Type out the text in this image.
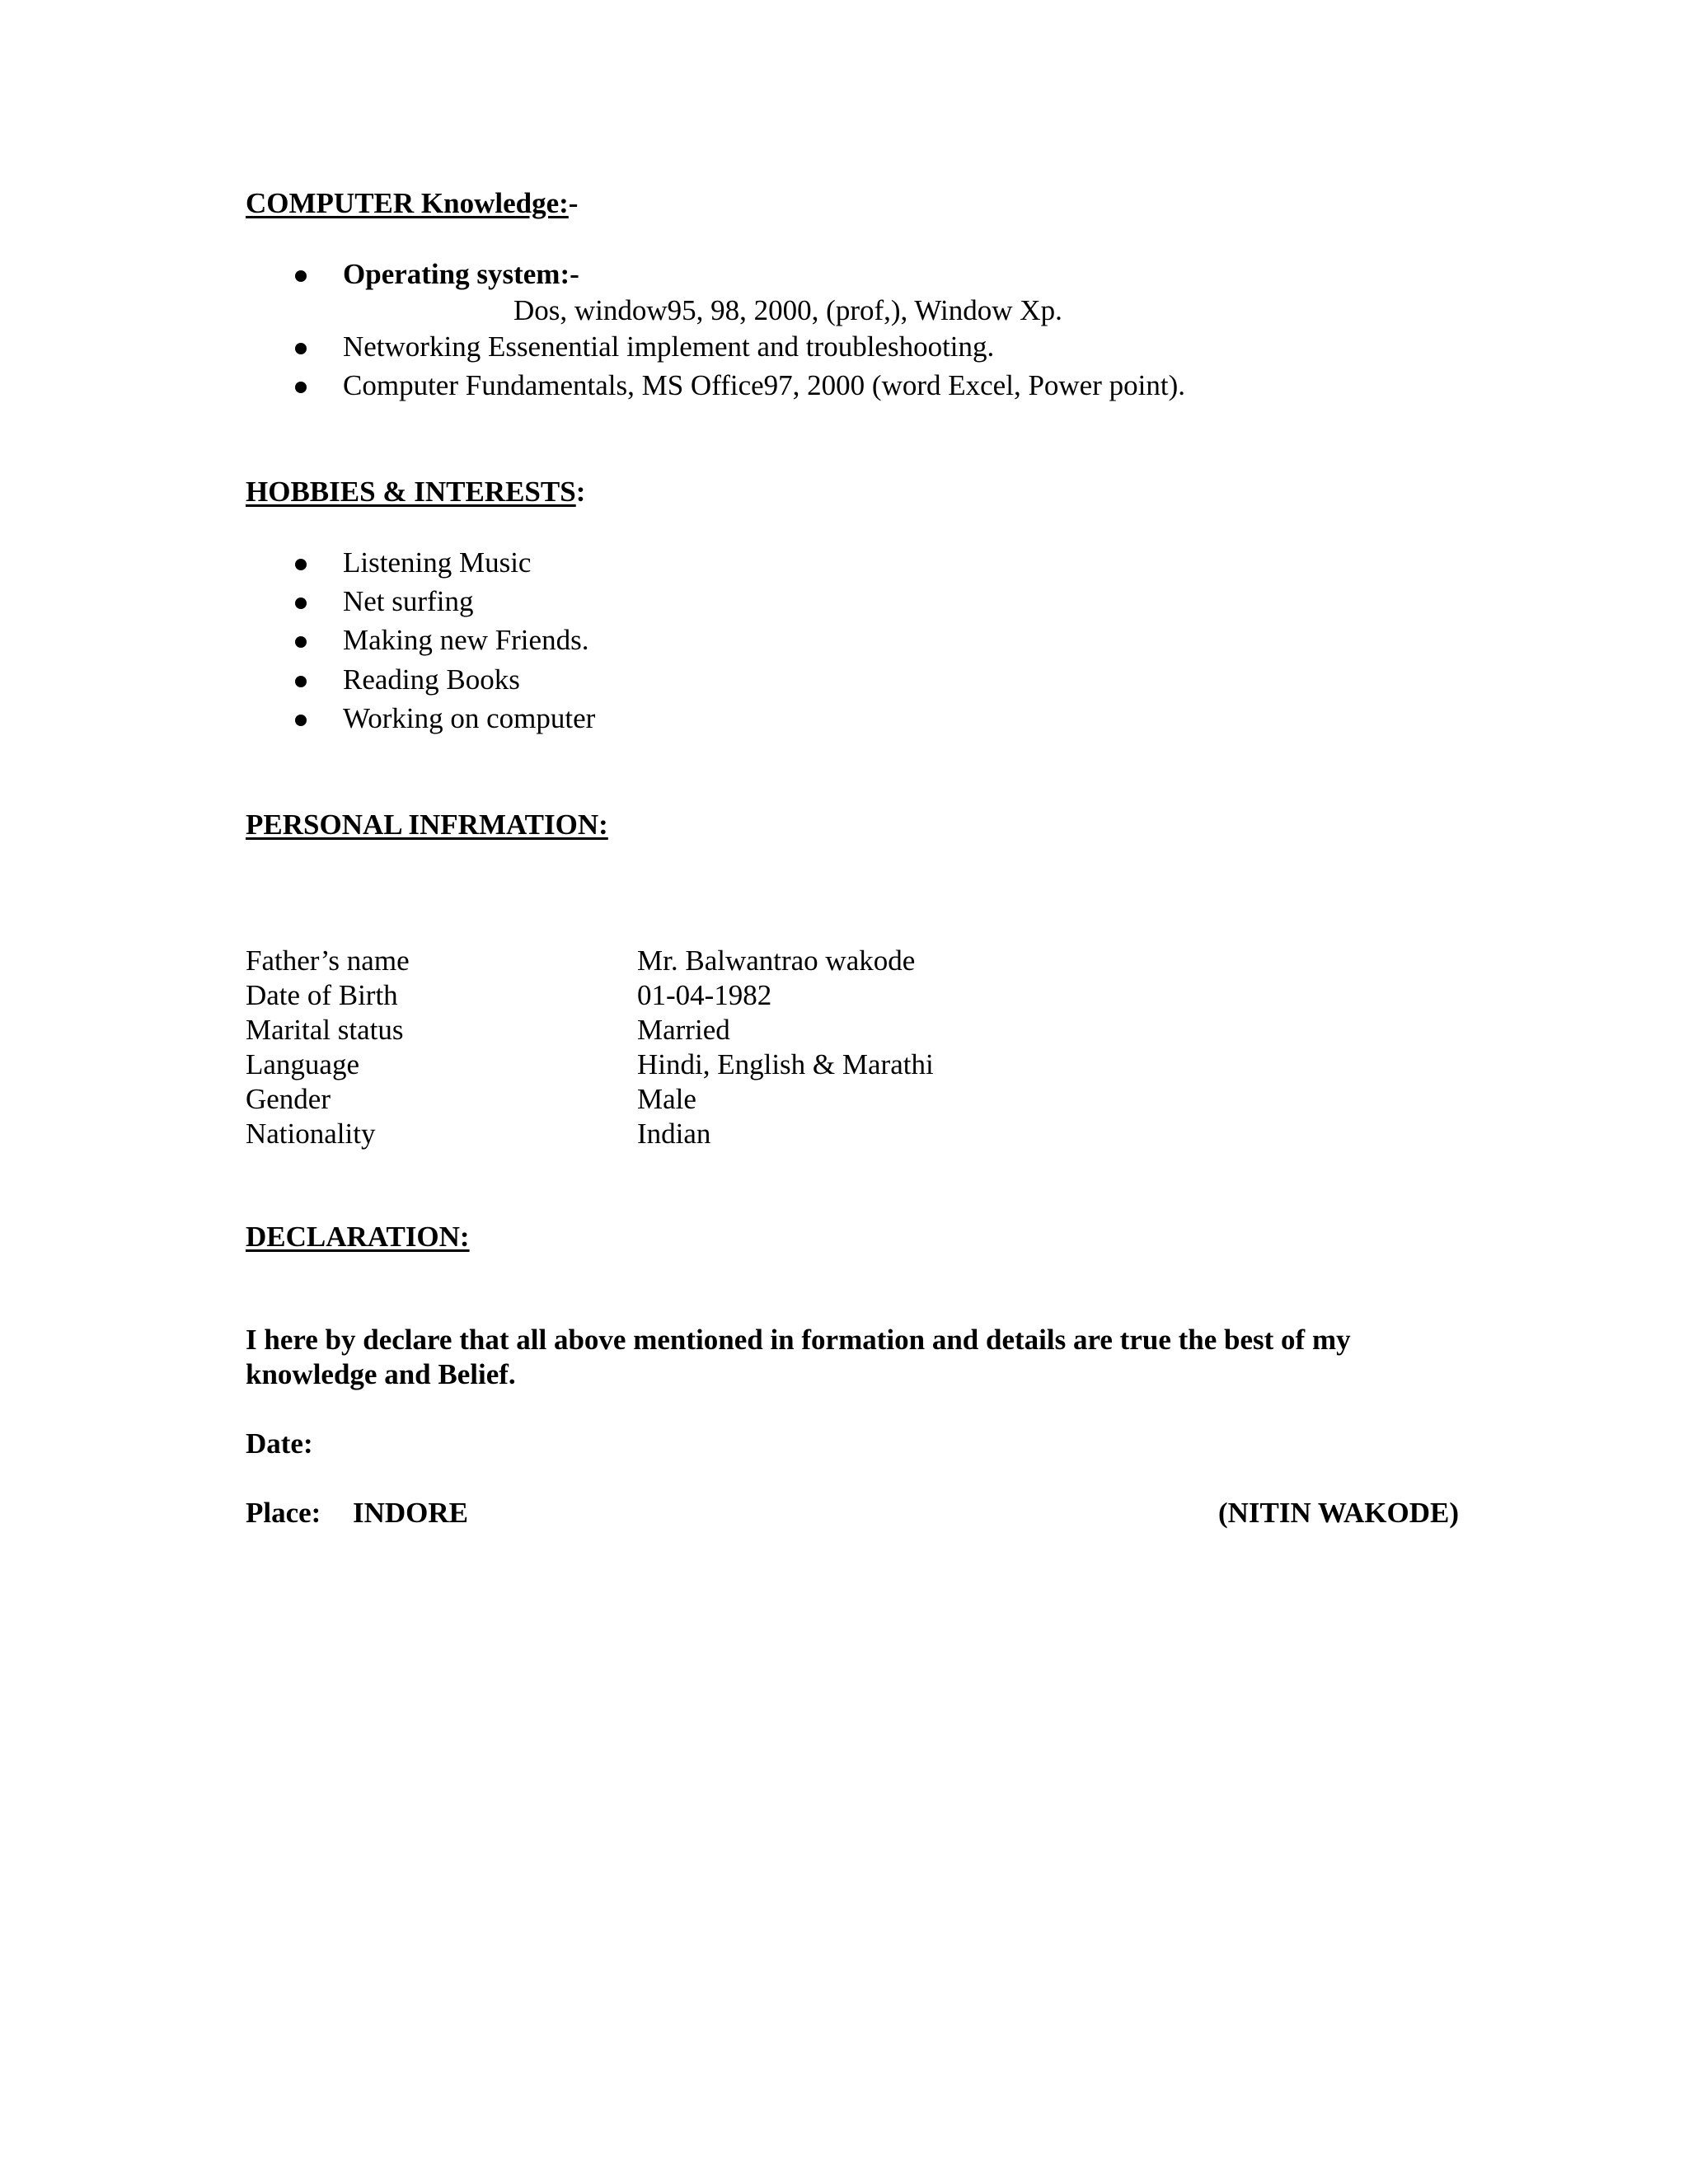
COMPUTER Knowledge:-
Operating system:-
Dos, window95, 98, 2000, (prof,), Window Xp.
Networking Essenential implement and troubleshooting.
Computer Fundamentals, MS Office97, 2000 (word Excel, Power point).
HOBBIES & INTERESTS:
Listening Music
Net surfing
Making new Friends.
Reading Books
Working on computer
PERSONAL INFRMATION:
Father’s name	Mr. Balwantrao wakode
Date of Birth	01-04-1982
Marital status	Married
Language	Hindi, English & Marathi
Gender	Male
Nationality	Indian
DECLARATION:
I here by declare that all above mentioned in formation and details are true the best of my
knowledge and Belief.
Date:
Place: INDORE	(NITIN WAKODE)
